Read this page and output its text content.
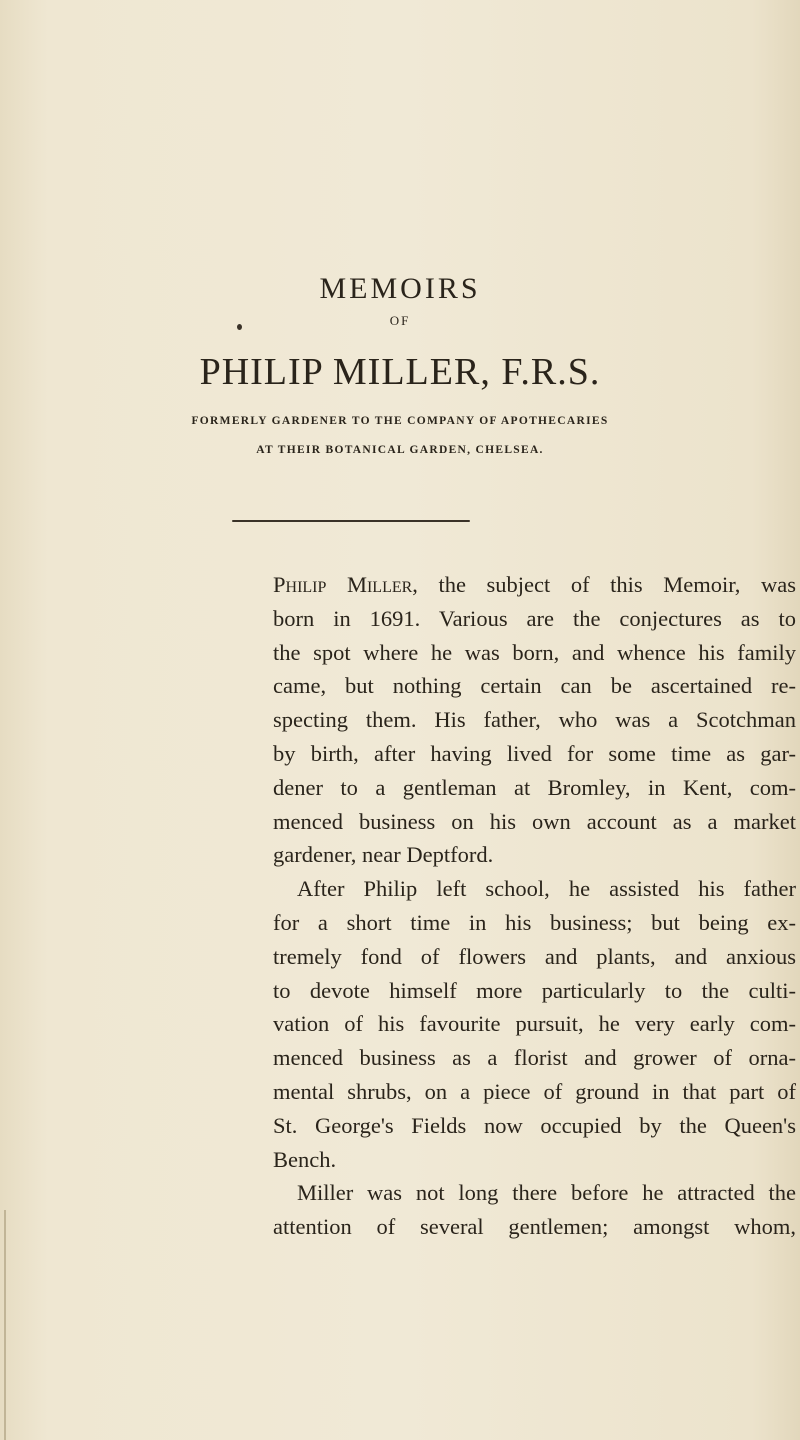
MEMOIRS
OF
PHILIP MILLER, F.R.S.
FORMERLY GARDENER TO THE COMPANY OF APOTHECARIES
AT THEIR BOTANICAL GARDEN, CHELSEA.
Philip Miller, the subject of this Memoir, was
born in 1691. Various are the conjectures as to
the spot where he was born, and whence his family
came, but nothing certain can be ascertained re-
specting them. His father, who was a Scotchman
by birth, after having lived for some time as gar-
dener to a gentleman at Bromley, in Kent, com-
menced business on his own account as a market
gardener, near Deptford.
After Philip left school, he assisted his father
for a short time in his business; but being ex-
tremely fond of flowers and plants, and anxious
to devote himself more particularly to the culti-
vation of his favourite pursuit, he very early com-
menced business as a florist and grower of orna-
mental shrubs, on a piece of ground in that part of
St. George's Fields now occupied by the Queen's
Bench.
Miller was not long there before he attracted the
attention of several gentlemen; amongst whom,
